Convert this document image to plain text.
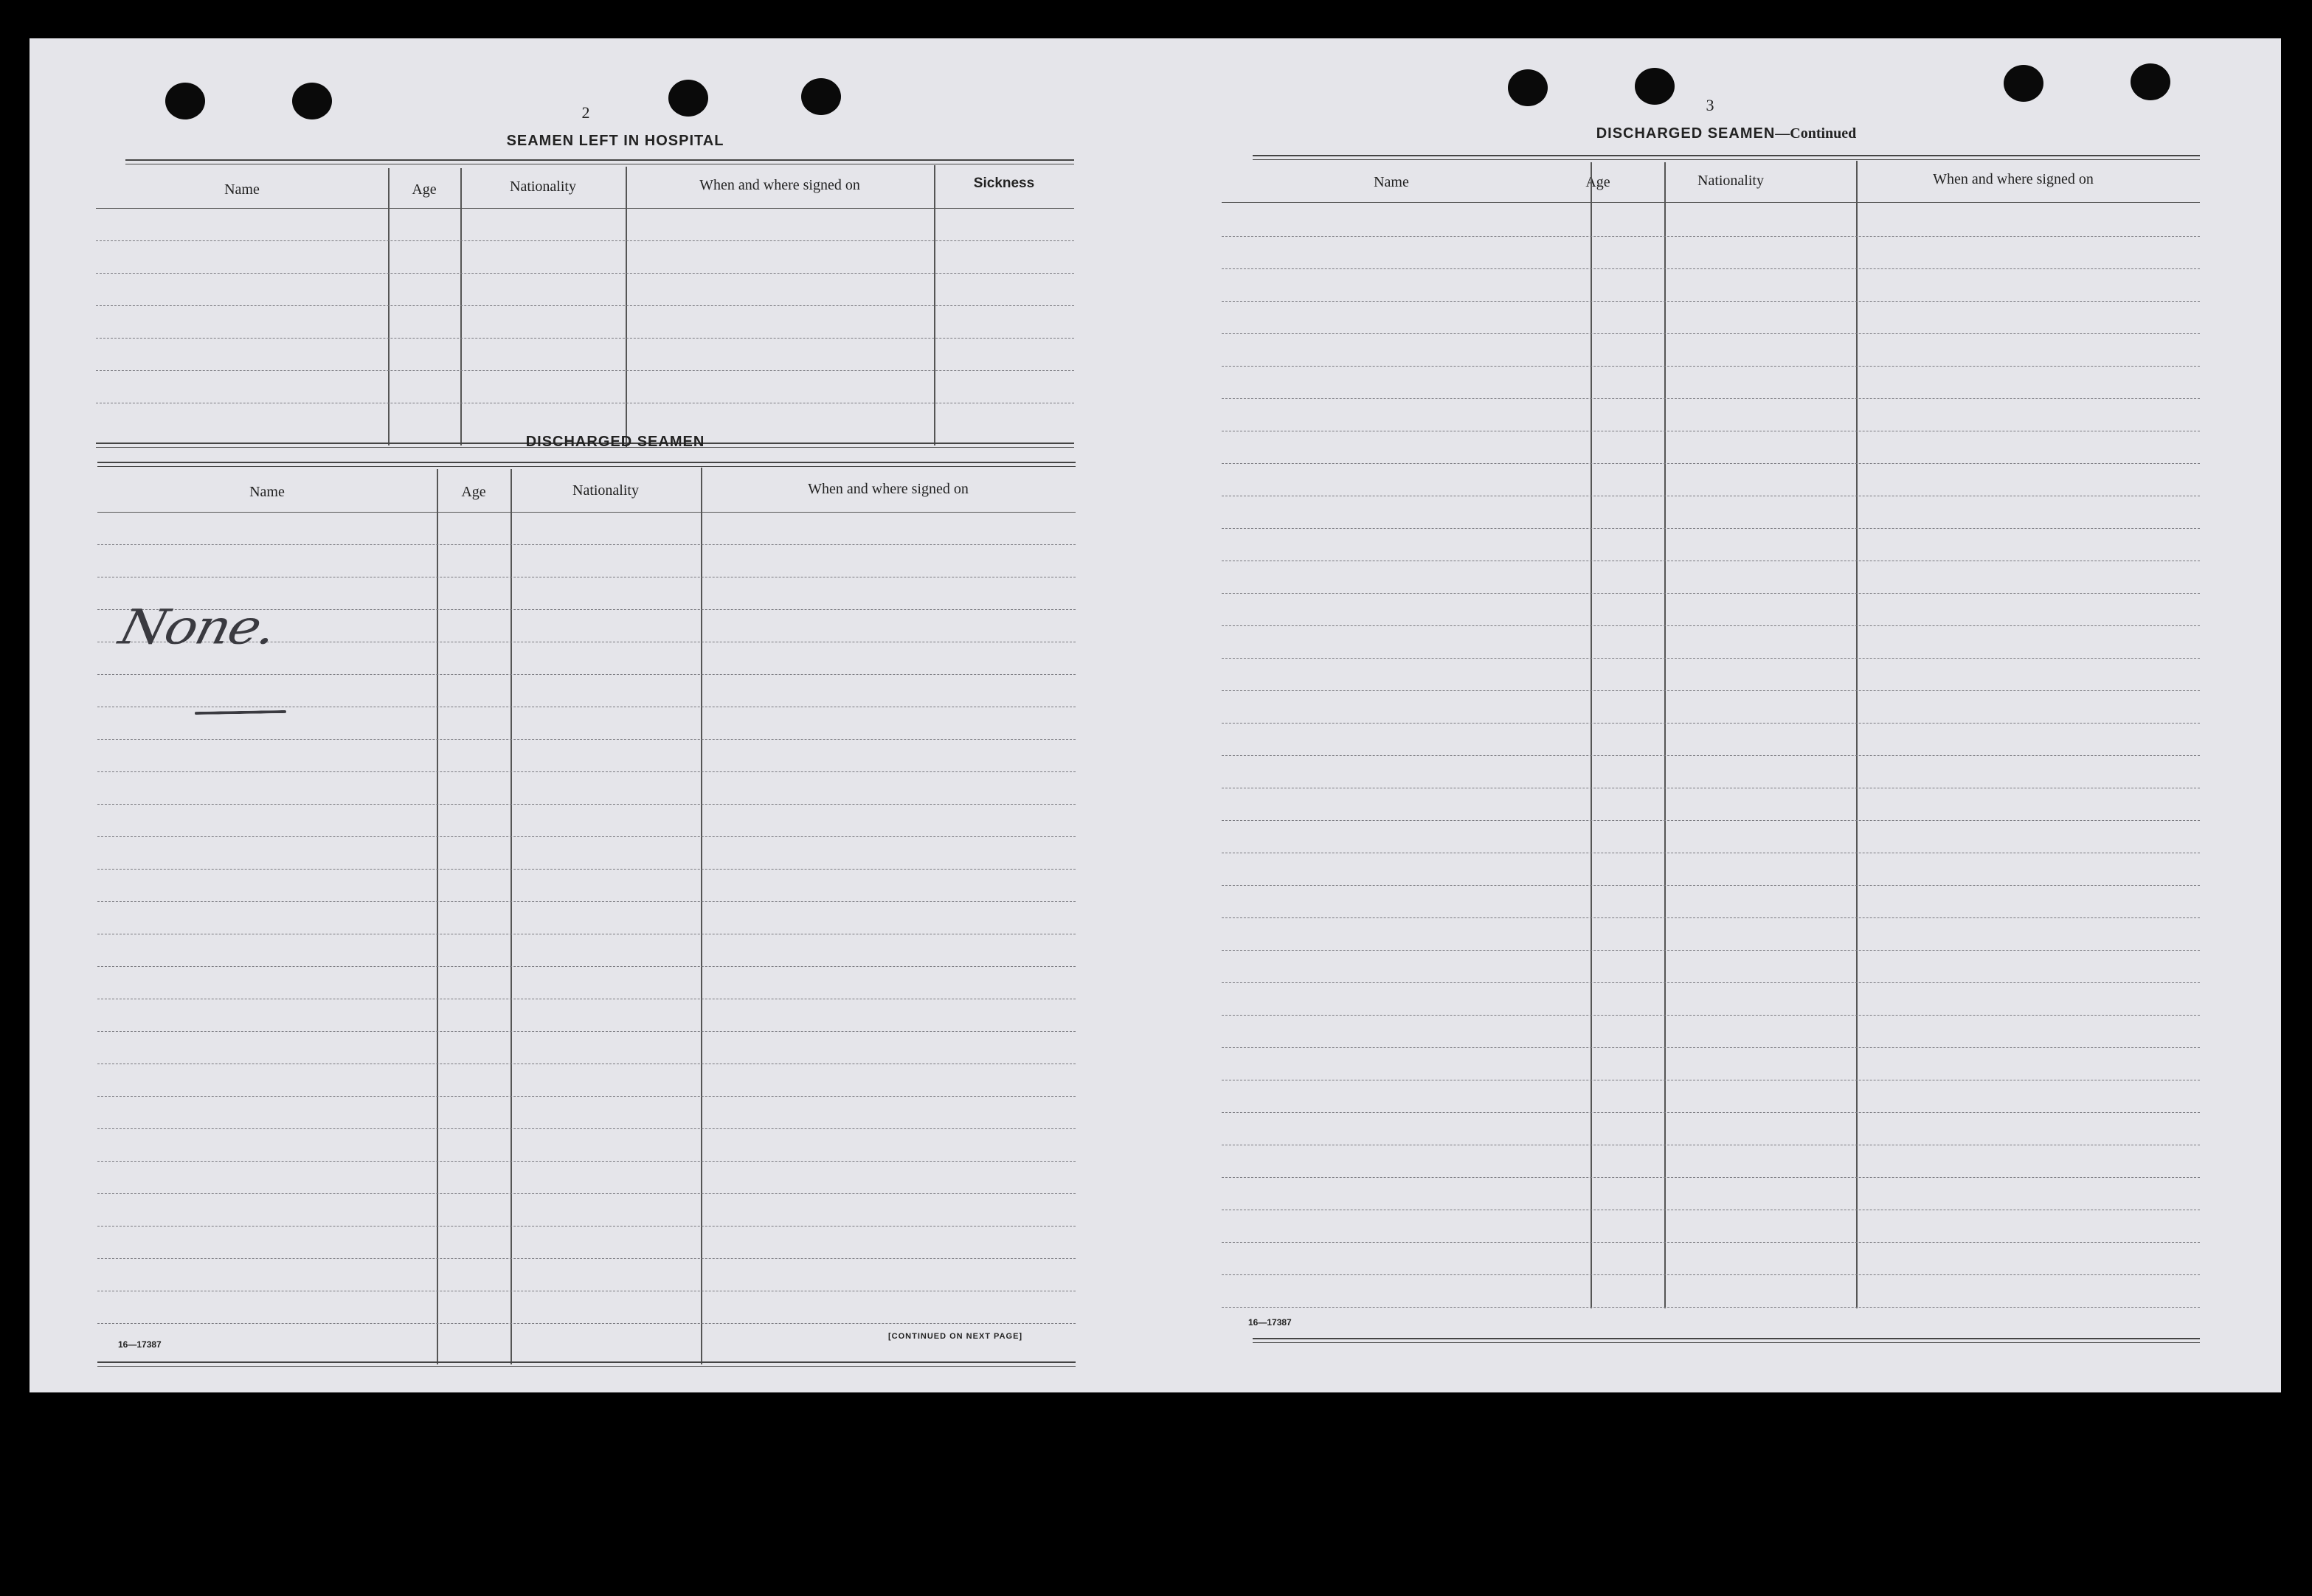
2
SEAMEN LEFT IN HOSPITAL
Name	Age	Nationality	When and where signed on	Sickness
DISCHARGED SEAMEN
Name	Age	Nationality	When and where signed on
None.
16—17387
[CONTINUED ON NEXT PAGE]
3
DISCHARGED SEAMEN—Continued
Name	Age	Nationality	When and where signed on
16—17387
